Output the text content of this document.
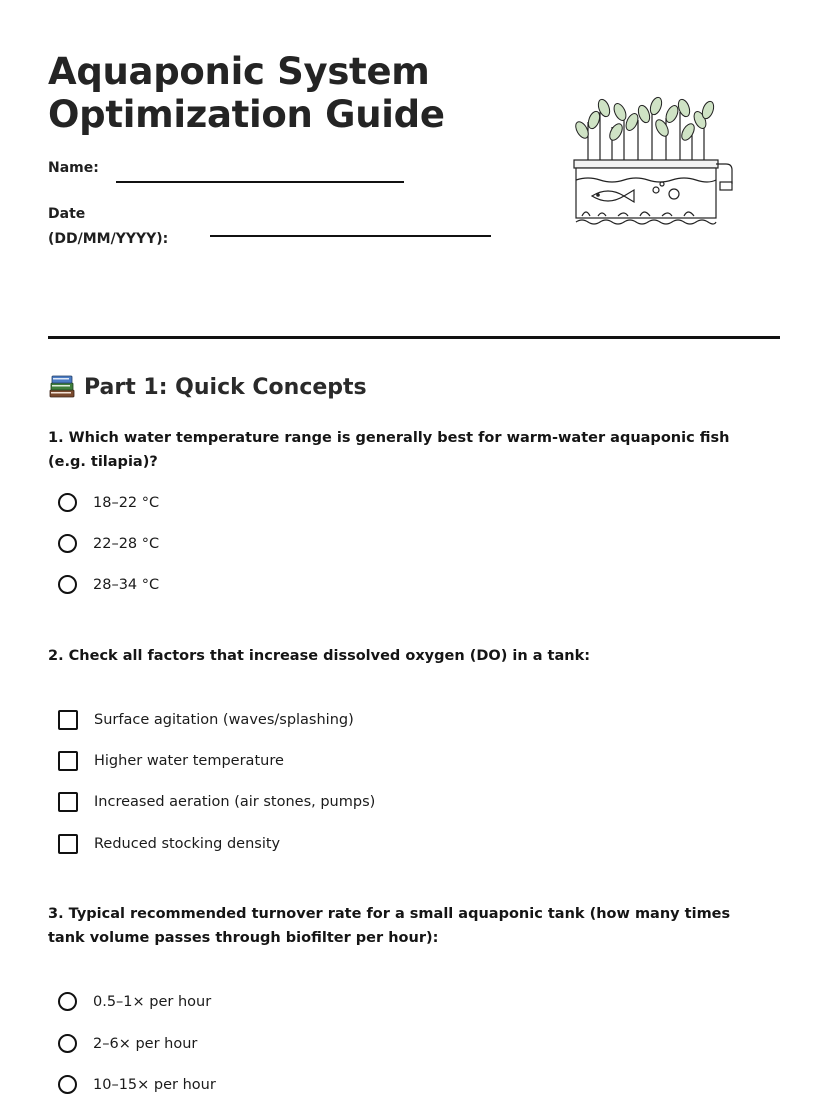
Aquaponic System Optimization Guide
Name:
Date
(DD/MM/YYYY):
Part 1: Quick Concepts
1. Which water temperature range is generally best for warm-water aquaponic fish (e.g. tilapia)?
18–22 °C
22–28 °C
28–34 °C
2. Check all factors that increase dissolved oxygen (DO) in a tank:
Surface agitation (waves/splashing)
Higher water temperature
Increased aeration (air stones, pumps)
Reduced stocking density
3. Typical recommended turnover rate for a small aquaponic tank (how many times tank volume passes through biofilter per hour):
0.5–1× per hour
2–6× per hour
10–15× per hour
